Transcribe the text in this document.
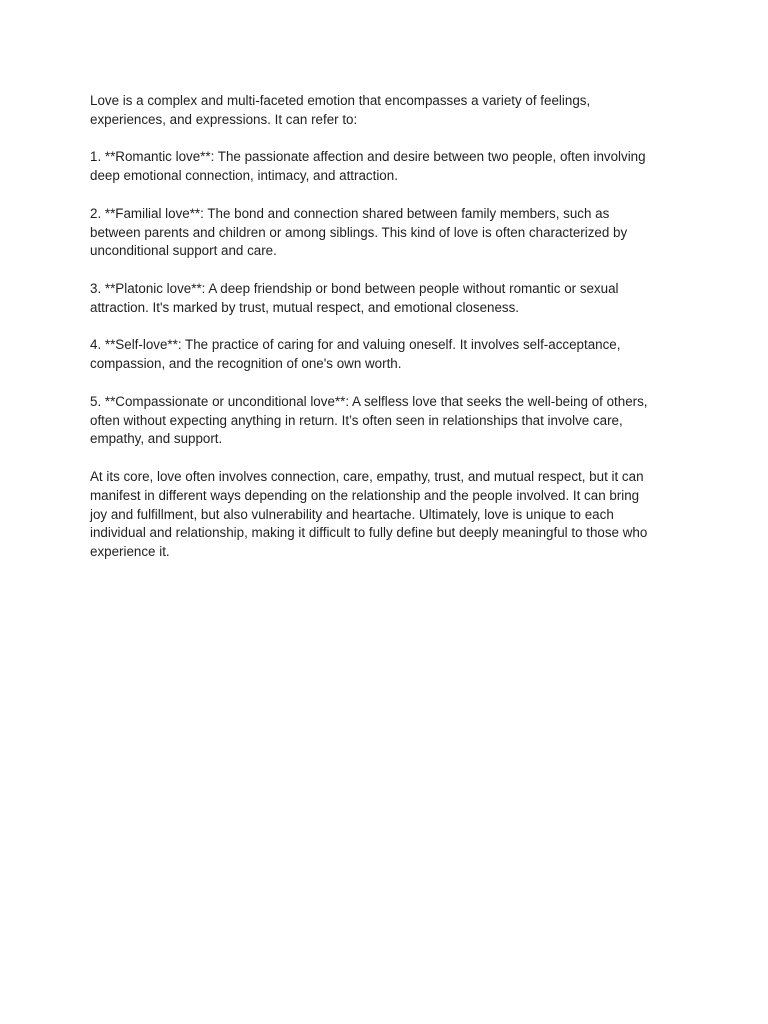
Love is a complex and multi-faceted emotion that encompasses a variety of feelings,
experiences, and expressions. It can refer to:

1. **Romantic love**: The passionate affection and desire between two people, often involving
deep emotional connection, intimacy, and attraction.

2. **Familial love**: The bond and connection shared between family members, such as
between parents and children or among siblings. This kind of love is often characterized by
unconditional support and care.

3. **Platonic love**: A deep friendship or bond between people without romantic or sexual
attraction. It's marked by trust, mutual respect, and emotional closeness.

4. **Self-love**: The practice of caring for and valuing oneself. It involves self-acceptance,
compassion, and the recognition of one's own worth.

5. **Compassionate or unconditional love**: A selfless love that seeks the well-being of others,
often without expecting anything in return. It’s often seen in relationships that involve care,
empathy, and support.

At its core, love often involves connection, care, empathy, trust, and mutual respect, but it can
manifest in different ways depending on the relationship and the people involved. It can bring
joy and fulfillment, but also vulnerability and heartache. Ultimately, love is unique to each
individual and relationship, making it difficult to fully define but deeply meaningful to those who
experience it.
